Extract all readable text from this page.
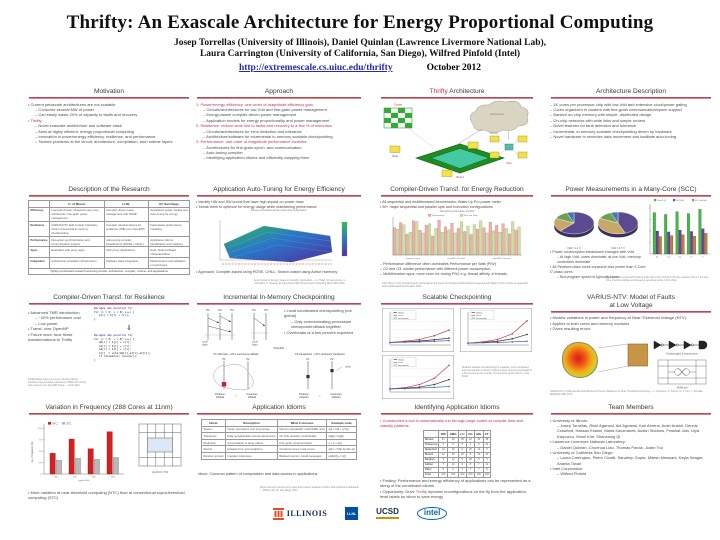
Thrifty: An Exascale Architecture for Energy Proportional Computing
Josep Torrellas (University of Illinois), Daniel Quinlan (Lawrence Livermore National Lab),
Laura Carrington (University of California, San Diego), Wilfred Pinfold (Intel)
http://extremescale.cs.uiuc.edu/thrifty	October 2012
Motivation
• Current petascale architectures are not scalable
– Consume several MW of power
– Can easily waste 20% of capacity to faults and recovery
• Thrifty:
– Novel exascale architecture and software stack
– Aims at highly efficient, energy proportional computing
– Innovation in power/energy efficiency, resilience, and performance
– Tackles problems at the circuit, architecture, compilation, and runtime layers
Approach
1. Power/energy efficiency: one order of magnitude efficiency gain
– Circuits/architectures for low Vdd and fine-grain power management
– Energy-aware compiler-driven power management
– Application models for energy proportionality and power management
2. Resilience: reduce work lost to faults and recovery to a few % of execution
– Circuits/architectures for error detection and tolerance
– Architecture/software for incremental in-memory scalable checkpointing
3. Performance: one order of magnitude performance increase
– Architectures for fine-grain synch. and communication
– Auto-tuning compiler
– Identifying application idioms and efficiently mapping them
Thrifty Architecture
Cluster
Interconnect
Board
Node
Chip
Memory
Architecture Description
– 1K cores per processor chip with low Vdd and extensive clock/power gating
– Cores organized in clusters with fine-grain communication/synch support
– Banked on-chip memory with simple, distributed design
– On-chip networks with wide links and simple routers
– Novel features for fault detection and tolerance
– Incremental, in-memory scalable checkpointing driven by hardware
– Novel hardware to minimize data movement and facilitate auto-tuning
Description of the Research
	U. of Illinois	LLNL	UC San Diego
Efficiency	Low-Vdd circuits; clustered many-core architecture; fine-grain power management	Compiler-driven power management with ROSE	Application power models and auto-tuning for energy
Resilience	VARIUS-NTV fault models; hardware-driven incremental in-memory checkpointing	Compiler transformations for resilience (TMR over OpenMP)	Fault-aware performance modeling
Performance	Fine-grain synchronization and communication support	Auto-tuning compiler infrastructure (ROSE + CHiLL)	Application idioms: identification and mapping
Apps	Evaluation with proxy apps	ASC proxy applications	DoD / DoE workload characterization
Integration	Architecture simulation infrastructure	Software stack integration	Measurement and validation on prototypes
Tightly-coordinated research spanning circuits, architecture, compiler, runtime, and applications			
Application Auto-Tuning for Energy Efficiency
• Identify HW and SW knobs that have high impact on power draw
• Tweak them to optimize for energy usage while maintaining performance
Energy consumption across tuned code configurations
• Approach: Compiler-based using ROSE, CHiLL; Search-based using Active Harmony
Auto-Tuning for Energy Usage in Scientific Applications — A. Tiwari, M. Laurenzano, L. Carrington, A. Snavely. Energy-Aware High Performance Computing (EnA-HPC) 2011.
Compiler-Driven Transf. for Energy Reduction
• All sequential and multithreaded benchmarks; Watts Up Pro power meter
• 50+ major sequential and parallel opts and execution configurations
Normalized performance and P/W
Performance	Perf. per Watt
sequential opts	OpenMP 2 threads	OpenMP 4 threads
– Performance difference often dominates Performance per Watt (P/W)
– O2 and O3: similar performance with different power consumption
– Multithreaded apps: more room for tuning P/W, e.g. thread affinity, # threads
Joint UIUC / LLNL empirical study: performance and power of compiler transformations measured with Watts Up Pro meters on sequential and multithreaded benchmarks, 2012.
Power Measurements in a Many-Core (SCC)
Vdd = 1.1 V	Vdd = 0.7 V
bt	cg	ep	ft	lu
Core i7 (4)	SCC (48)	SCC low Vdd
• Power consumption breakdown changes with Vdd
– At high Vdd, cores dominate; at low Vdd, memory controllers dominate
• 48 Pentium-class cores consume less power than 4 Core i7-class cores
– But program speed is typically lower
Quantifying the power/performance trade-offs of the Intel SCC 48-core research chip vs. a 4-core Core i7 across voltage and frequency operating points, UIUC 2012.
Compiler-Driven Transf. for Resilience
• Advanced TMR introduction
– ~20% performance cost
– Low power
• Transf. over OpenMP
• Future work: tune these transformations to Thrifty
#pragma omp parallel for
for (i = 0; i < N; i++) {
a[i] = b[i] + c[i];
}
⇓
#pragma omp parallel for
for (i = 0; i < N; i++) {
a0[i] = b[i] + c[i];
a1[i] = b[i] + c[i];
a2[i] = b[i] + c[i];
a[i]  = vote(a0[i],a1[i],a2[i]);
if (mismatch) recover();
}
ROSE-based source-to-source transformations introduce triple-modular redundancy (TMR) with voting and recovery over OpenMP codes — LLNL 2012.
Incremental In-Memory Checkpointing
P1	P2	P3	P4	P5
Local
chkpt
Local
chkpt
• Local coordinated checkpointing (not global)
– Only communicating processors checkpoint/rollback together
• Overheads of a few percent expected
RULES:
P1 rolls back ⇒ P1's consumers rollback
P1	P2
Producer
rollback	→	Consumer
rollback
P2 checkpoints ⇒ P2's producers checkpoint
P1	P2
chkpt
Producer
chkpoint	←	Consumer
chkpoint
Scalable Checkpointing
Global
Local
Incremental
Global
Local
Incremental
Global
Local
Incremental
Modeled scalable checkpointing for exascale: local coordinated and incremental in-memory schemes keep expected overheads to a few percent as the number of processors grows (UIUC / LLNL, 2012).
VARIUS-NTV: Model of Faults
at Low Voltage
• Models variations in power and frequency at Near-Threshold Voltage (NTV)
• Applies to both cores and memory modules
• Gives resulting errors
Boolean gates & interconnects
SRAM cell
VARIUS-NTV: A Microarchitectural Model of Process Variations for Near-Threshold Computing — U. Karpuzcu, K. Kolluru, N. S. Kim, J. Torrellas. IEEE/IFIP DSN 2012.
Variation in Frequency (288 Cores at 11nm)
0
25
50
75
100
σ/μ of frequency (%)
3%	5%	8%	12%
(σ/μ) of Vth
NTC	STC
(σ/μ)Vth = 5%
• More variation at near-threshold computing (NTC) than at conventional supra-threshold computing (STC)
Application Idioms
Idiom	Description	What it stresses	Example code
Stream	Vector operations over long arrays	Memory bandwidth; wide/SIMD units	a[i] = b[i] + q*c[i]
Transpose	Data reorganization across dimensions	On-chip network; scratchpads	a[i][j] = b[j][i]
Reduction	Accumulation of array values	Fine-grain synchronization	s = s + a[i]
Stencil	Updates from grid neighbors	Clustered cores; local comm.	a[i] = c*(b[i-1]+b[i+1])
Random access	Irregular references	Banked memory; small messages	a[idx[i]] += v[i]
Idiom: Common pattern of computation and data access in applications
Idiom taxonomy derived from static and dynamic analysis of DoD / DoE production workloads — PMaC Lab, UC San Diego, 2012.
Identifying Application Idioms
• Constructed a tool to automatically run through large codes at compile time and classify patterns
	IRS	AMG	LU	CG	MG	FT
Stream	41	28	35	22	30	38
Transpose	3	5	8	2	6	21
Reduction	12	16	9	25	11	6
Stencil	22	18	26	8	31	10
Random	9	14	6	28	8	5
Gather	7	10	9	8	7	12
Other	6	9	7	7	7	8
Total	100	100	100	100	100	100
• Finding: Performance and energy efficiency of applications can be represented as a string of the constituent idioms
• Opportunity: Drive Thrifty dynamic reconfigurations on the fly from the application-level labels by idiom to save energy
Team Members
• University of Illinois:
– Josep Torrellas, Rishi Agarwal, Adi Agrawal, Karl Ahrens, Amin Ansari, Dennis Crawford, Hassan Eslami, Maria Kaczmarek, Austin Siddons, Prabhat Jain, Ulya Karpuzcu, Wooil Kim, Shanxiang Qi
• Lawrence Livermore National Laboratory:
– Daniel Quinlan, Chunhua Liao, Thomas Panas, Justin Too
• University of California San Diego:
– Laura Carrington, Pietro Cicotti, Sandeep Gupta, Mitesh Meswani, Kayla Seager, Ananta Tiwari
• Intel Corporation:
– Wilfred Pinfold
ILLINOIS	LLNL UCSD	intel
